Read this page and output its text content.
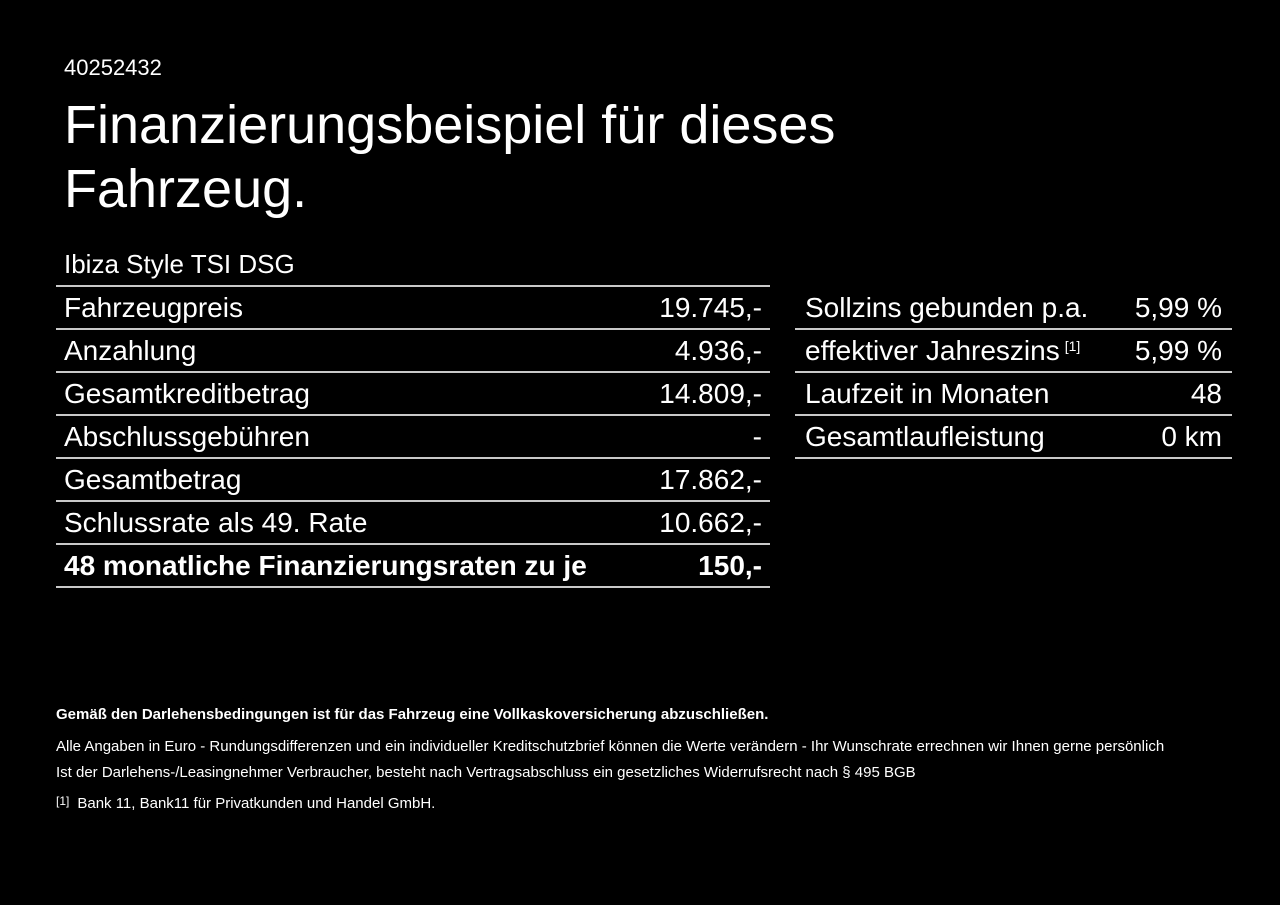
40252432
Finanzierungsbeispiel für dieses Fahrzeug.
Ibiza Style TSI DSG
Fahrzeugpreis	19.745,-
Anzahlung	4.936,-
Gesamtkreditbetrag	14.809,-
Abschlussgebühren	-
Gesamtbetrag	17.862,-
Schlussrate als 49. Rate	10.662,-
48 monatliche Finanzierungsraten zu je	150,-
Sollzins gebunden p.a. 5,99 %
effektiver Jahreszins [1] 5,99 %
Laufzeit in Monaten	48
Gesamtlaufleistung	0 km

Gemäß den Darlehensbedingungen ist für das Fahrzeug eine Vollkaskoversicherung abzuschließen.

Alle Angaben in Euro - Rundungsdifferenzen und ein individueller Kreditschutzbrief können die Werte verändern - Ihr Wunschrate errechnen wir Ihnen gerne persönlich

Ist der Darlehens-/Leasingnehmer Verbraucher, besteht nach Vertragsabschluss ein gesetzliches Widerrufsrecht nach § 495 BGB

[1] Bank 11, Bank11 für Privatkunden und Handel GmbH.
